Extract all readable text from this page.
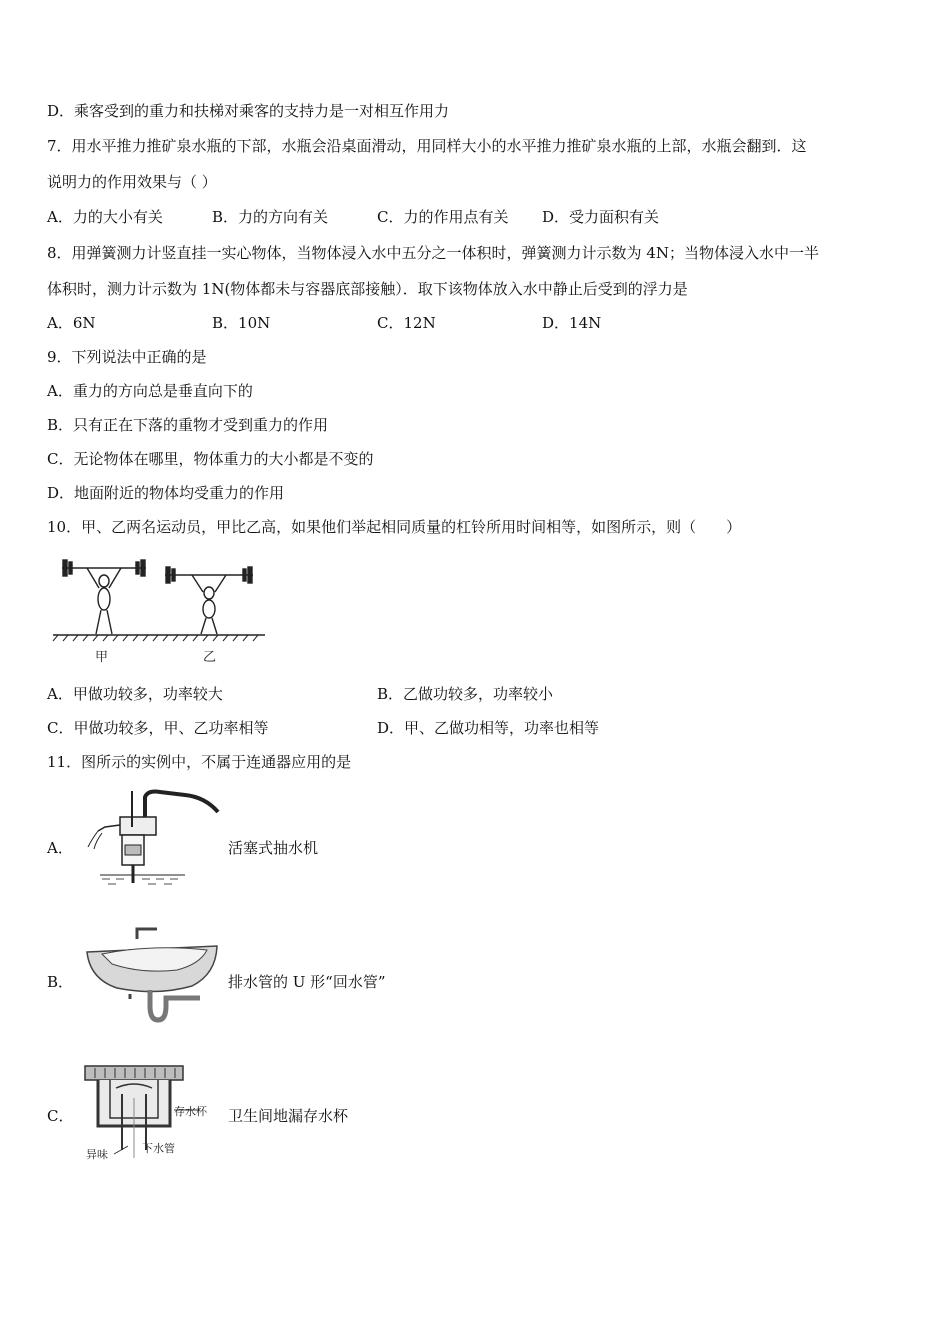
D．乘客受到的重力和扶梯对乘客的支持力是一对相互作用力
7．用水平推力推矿泉水瓶的下部，水瓶会沿桌面滑动，用同样大小的水平推力推矿泉水瓶的上部，水瓶会翻到．这
说明力的作用效果与（ ）
A．力的大小有关	B．力的方向有关	C．力的作用点有关 D．受力面积有关
8．用弹簧测力计竖直挂一实心物体，当物体浸入水中五分之一体积时，弹簧测力计示数为 4N；当物体浸入水中一半
体积时，测力计示数为 1N(物体都未与容器底部接触）．取下该物体放入水中静止后受到的浮力是
A．6N	B．10N	C．12N	D．14N
9．下列说法中正确的是
A．重力的方向总是垂直向下的
B．只有正在下落的重物才受到重力的作用
C．无论物体在哪里，物体重力的大小都是不变的
D．地面附近的物体均受重力的作用
10．甲、乙两名运动员，甲比乙高，如果他们举起相同质量的杠铃所用时间相等，如图所示，则（　　）
甲	乙
A．甲做功较多，功率较大	B．乙做功较多，功率较小
C．甲做功较多，甲、乙功率相等	D．甲、乙做功相等，功率也相等
11．图所示的实例中，不属于连通器应用的是
A．	活塞式抽水机
B．	排水管的 U 形“回水管”
C．	存水杯
异味	下水管
卫生间地漏存水杯
